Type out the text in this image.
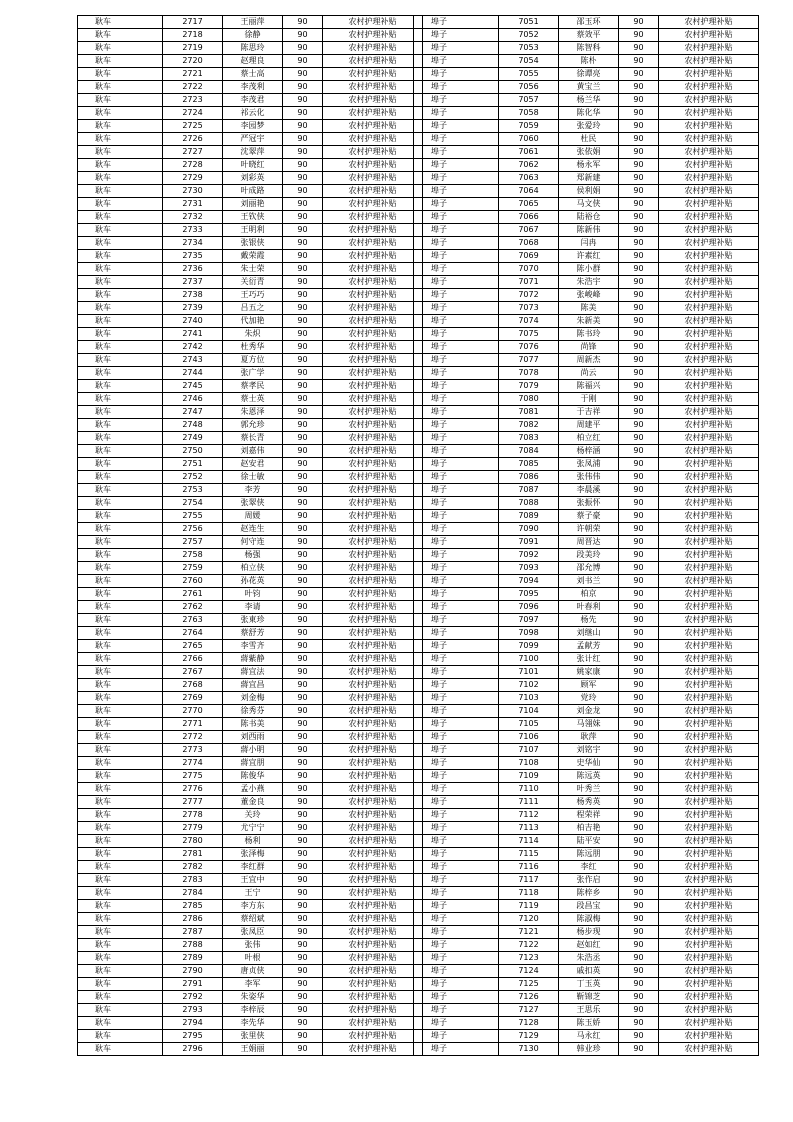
耿车	2717	王丽萍	90	农村护理补贴
耿车	2718	徐静	90	农村护理补贴
耿车	2719	陈思玲	90	农村护理补贴
耿车	2720	赵理良	90	农村护理补贴
耿车	2721	蔡士高	90	农村护理补贴
耿车	2722	李茂利	90	农村护理补贴
耿车	2723	李茂君	90	农村护理补贴
耿车	2724	祁云化	90	农村护理补贴
耿车	2725	李园梦	90	农村护理补贴
耿车	2726	严冠宇	90	农村护理补贴
耿车	2727	沈翠萍	90	农村护理补贴
耿车	2728	叶晓红	90	农村护理补贴
耿车	2729	刘彩英	90	农村护理补贴
耿车	2730	叶成路	90	农村护理补贴
耿车	2731	刘丽艳	90	农村护理补贴
耿车	2732	王钦侠	90	农村护理补贴
耿车	2733	王明利	90	农村护理补贴
耿车	2734	张银侠	90	农村护理补贴
耿车	2735	戴荣霞	90	农村护理补贴
耿车	2736	朱士荣	90	农村护理补贴
耿车	2737	关衍青	90	农村护理补贴
耿车	2738	王巧巧	90	农村护理补贴
耿车	2739	吕五之	90	农村护理补贴
耿车	2740	代加艳	90	农村护理补贴
耿车	2741	朱炽	90	农村护理补贴
耿车	2742	杜秀华	90	农村护理补贴
耿车	2743	夏方位	90	农村护理补贴
耿车	2744	张广学	90	农村护理补贴
耿车	2745	蔡孝民	90	农村护理补贴
耿车	2746	蔡士英	90	农村护理补贴
耿车	2747	朱恩泽	90	农村护理补贴
耿车	2748	郭允珍	90	农村护理补贴
耿车	2749	蔡长青	90	农村护理补贴
耿车	2750	刘嘉伟	90	农村护理补贴
耿车	2751	赵安君	90	农村护理补贴
耿车	2752	徐士敏	90	农村护理补贴
耿车	2753	李芳	90	农村护理补贴
耿车	2754	张翠侠	90	农村护理补贴
耿车	2755	周媛	90	农村护理补贴
耿车	2756	赵连生	90	农村护理补贴
耿车	2757	何守连	90	农村护理补贴
耿车	2758	杨强	90	农村护理补贴
耿车	2759	柏立侠	90	农村护理补贴
耿车	2760	孙花英	90	农村护理补贴
耿车	2761	叶钧	90	农村护理补贴
耿车	2762	李请	90	农村护理补贴
耿车	2763	张東珍	90	农村护理补贴
耿车	2764	蔡舒芳	90	农村护理补贴
耿车	2765	李雪齐	90	农村护理补贴
耿车	2766	蔣紫静	90	农村护理补贴
耿车	2767	蔣宜法	90	农村护理补贴
耿车	2768	蔣宜昌	90	农村护理补贴
耿车	2769	刘金梅	90	农村护理补贴
耿车	2770	徐秀芬	90	农村护理补贴
耿车	2771	陈书美	90	农村护理补贴
耿车	2772	刘西雨	90	农村护理补贴
耿车	2773	蔣小明	90	农村护理补贴
耿车	2774	蔣宜朋	90	农村护理补贴
耿车	2775	陈俊华	90	农村护理补贴
耿车	2776	孟小燕	90	农村护理补贴
耿车	2777	董金良	90	农村护理补贴
耿车	2778	关玲	90	农村护理补贴
耿车	2779	尤宁宁	90	农村护理补贴
耿车	2780	杨利	90	农村护理补贴
耿车	2781	张泽梅	90	农村护理补贴
耿车	2782	李红群	90	农村护理补贴
耿车	2783	王宜中	90	农村护理补贴
耿车	2784	王宁	90	农村护理补贴
耿车	2785	李方东	90	农村护理补贴
耿车	2786	蔡绍斌	90	农村护理补贴
耿车	2787	张凤臣	90	农村护理补贴
耿车	2788	张伟	90	农村护理补贴
耿车	2789	叶根	90	农村护理补贴
耿车	2790	唐贞侠	90	农村护理补贴
耿车	2791	李军	90	农村护理补贴
耿车	2792	朱姿华	90	农村护理补贴
耿车	2793	李梓辰	90	农村护理补贴
耿车	2794	李先华	90	农村护理补贴
耿车	2795	张里侠	90	农村护理补贴
耿车	2796	王娟丽	90	农村护理补贴
埠子	7051	邵玉环	90	农村护理补贴
埠子	7052	蔡效平	90	农村护理补贴
埠子	7053	陈智科	90	农村护理补贴
埠子	7054	陈朴	90	农村护理补贴
埠子	7055	徐谭亮	90	农村护理补贴
埠子	7056	黄宝兰	90	农村护理补贴
埠子	7057	杨兰华	90	农村护理补贴
埠子	7058	陈化华	90	农村护理补贴
埠子	7059	张爱玲	90	农村护理补贴
埠子	7060	杜民	90	农村护理补贴
埠子	7061	张依娟	90	农村护理补贴
埠子	7062	杨永军	90	农村护理补贴
埠子	7063	郑新建	90	农村护理补贴
埠子	7064	侯利娟	90	农村护理补贴
埠子	7065	马文侠	90	农村护理补贴
埠子	7066	陆裕仓	90	农村护理补贴
埠子	7067	陈新伟	90	农村护理补贴
埠子	7068	闫冉	90	农村护理补贴
埠子	7069	许素红	90	农村护理补贴
埠子	7070	陈小群	90	农村护理补贴
埠子	7071	朱浩宇	90	农村护理补贴
埠子	7072	张峻峰	90	农村护理补贴
埠子	7073	陈美	90	农村护理补贴
埠子	7074	朱新美	90	农村护理补贴
埠子	7075	陈书玲	90	农村护理补贴
埠子	7076	尚锋	90	农村护理补贴
埠子	7077	周新杰	90	农村护理补贴
埠子	7078	尚云	90	农村护理补贴
埠子	7079	陈福兴	90	农村护理补贴
埠子	7080	于刚	90	农村护理补贴
埠子	7081	于吉祥	90	农村护理补贴
埠子	7082	周建平	90	农村护理补贴
埠子	7083	柏立红	90	农村护理补贴
埠子	7084	杨梓涵	90	农村护理补贴
埠子	7085	张凤浦	90	农村护理补贴
埠子	7086	张伟伟	90	农村护理补贴
埠子	7087	李晨溪	90	农村护理补贴
埠子	7088	张振怀	90	农村护理补贴
埠子	7089	蔡子豪	90	农村护理补贴
埠子	7090	许朝荣	90	农村护理补贴
埠子	7091	周晋达	90	农村护理补贴
埠子	7092	段美玲	90	农村护理补贴
埠子	7093	邵允博	90	农村护理补贴
埠子	7094	刘书兰	90	农村护理补贴
埠子	7095	柏京	90	农村护理补贴
埠子	7096	叶春利	90	农村护理补贴
埠子	7097	杨先	90	农村护理补贴
埠子	7098	刘继山	90	农村护理补贴
埠子	7099	孟献芳	90	农村护理补贴
埠子	7100	张计红	90	农村护理补贴
埠子	7101	姚家康	90	农村护理补贴
埠子	7102	顾军	90	农村护理补贴
埠子	7103	党玲	90	农村护理补贴
埠子	7104	刘金龙	90	农村护理补贴
埠子	7105	马翎妹	90	农村护理补贴
埠子	7106	耿萍	90	农村护理补贴
埠子	7107	刘铭宇	90	农村护理补贴
埠子	7108	史华仙	90	农村护理补贴
埠子	7109	陈远英	90	农村护理补贴
埠子	7110	叶秀兰	90	农村护理补贴
埠子	7111	杨秀英	90	农村护理补贴
埠子	7112	程荣祥	90	农村护理补贴
埠子	7113	柏吉艳	90	农村护理补贴
埠子	7114	陆平安	90	农村护理补贴
埠子	7115	陈远朋	90	农村护理补贴
埠子	7116	李红	90	农村护理补贴
埠子	7117	张作启	90	农村护理补贴
埠子	7118	陈梓乡	90	农村护理补贴
埠子	7119	段昌宝	90	农村护理补贴
埠子	7120	陈淑梅	90	农村护理补贴
埠子	7121	杨步现	90	农村护理补贴
埠子	7122	赵如红	90	农村护理补贴
埠子	7123	朱浩丞	90	农村护理补贴
埠子	7124	戚扣英	90	农村护理补贴
埠子	7125	丁玉英	90	农村护理补贴
埠子	7126	靳锦芝	90	农村护理补贴
埠子	7127	王思乐	90	农村护理补贴
埠子	7128	陈玉娇	90	农村护理补贴
埠子	7129	马永红	90	农村护理补贴
埠子	7130	韩业珍	90	农村护理补贴
